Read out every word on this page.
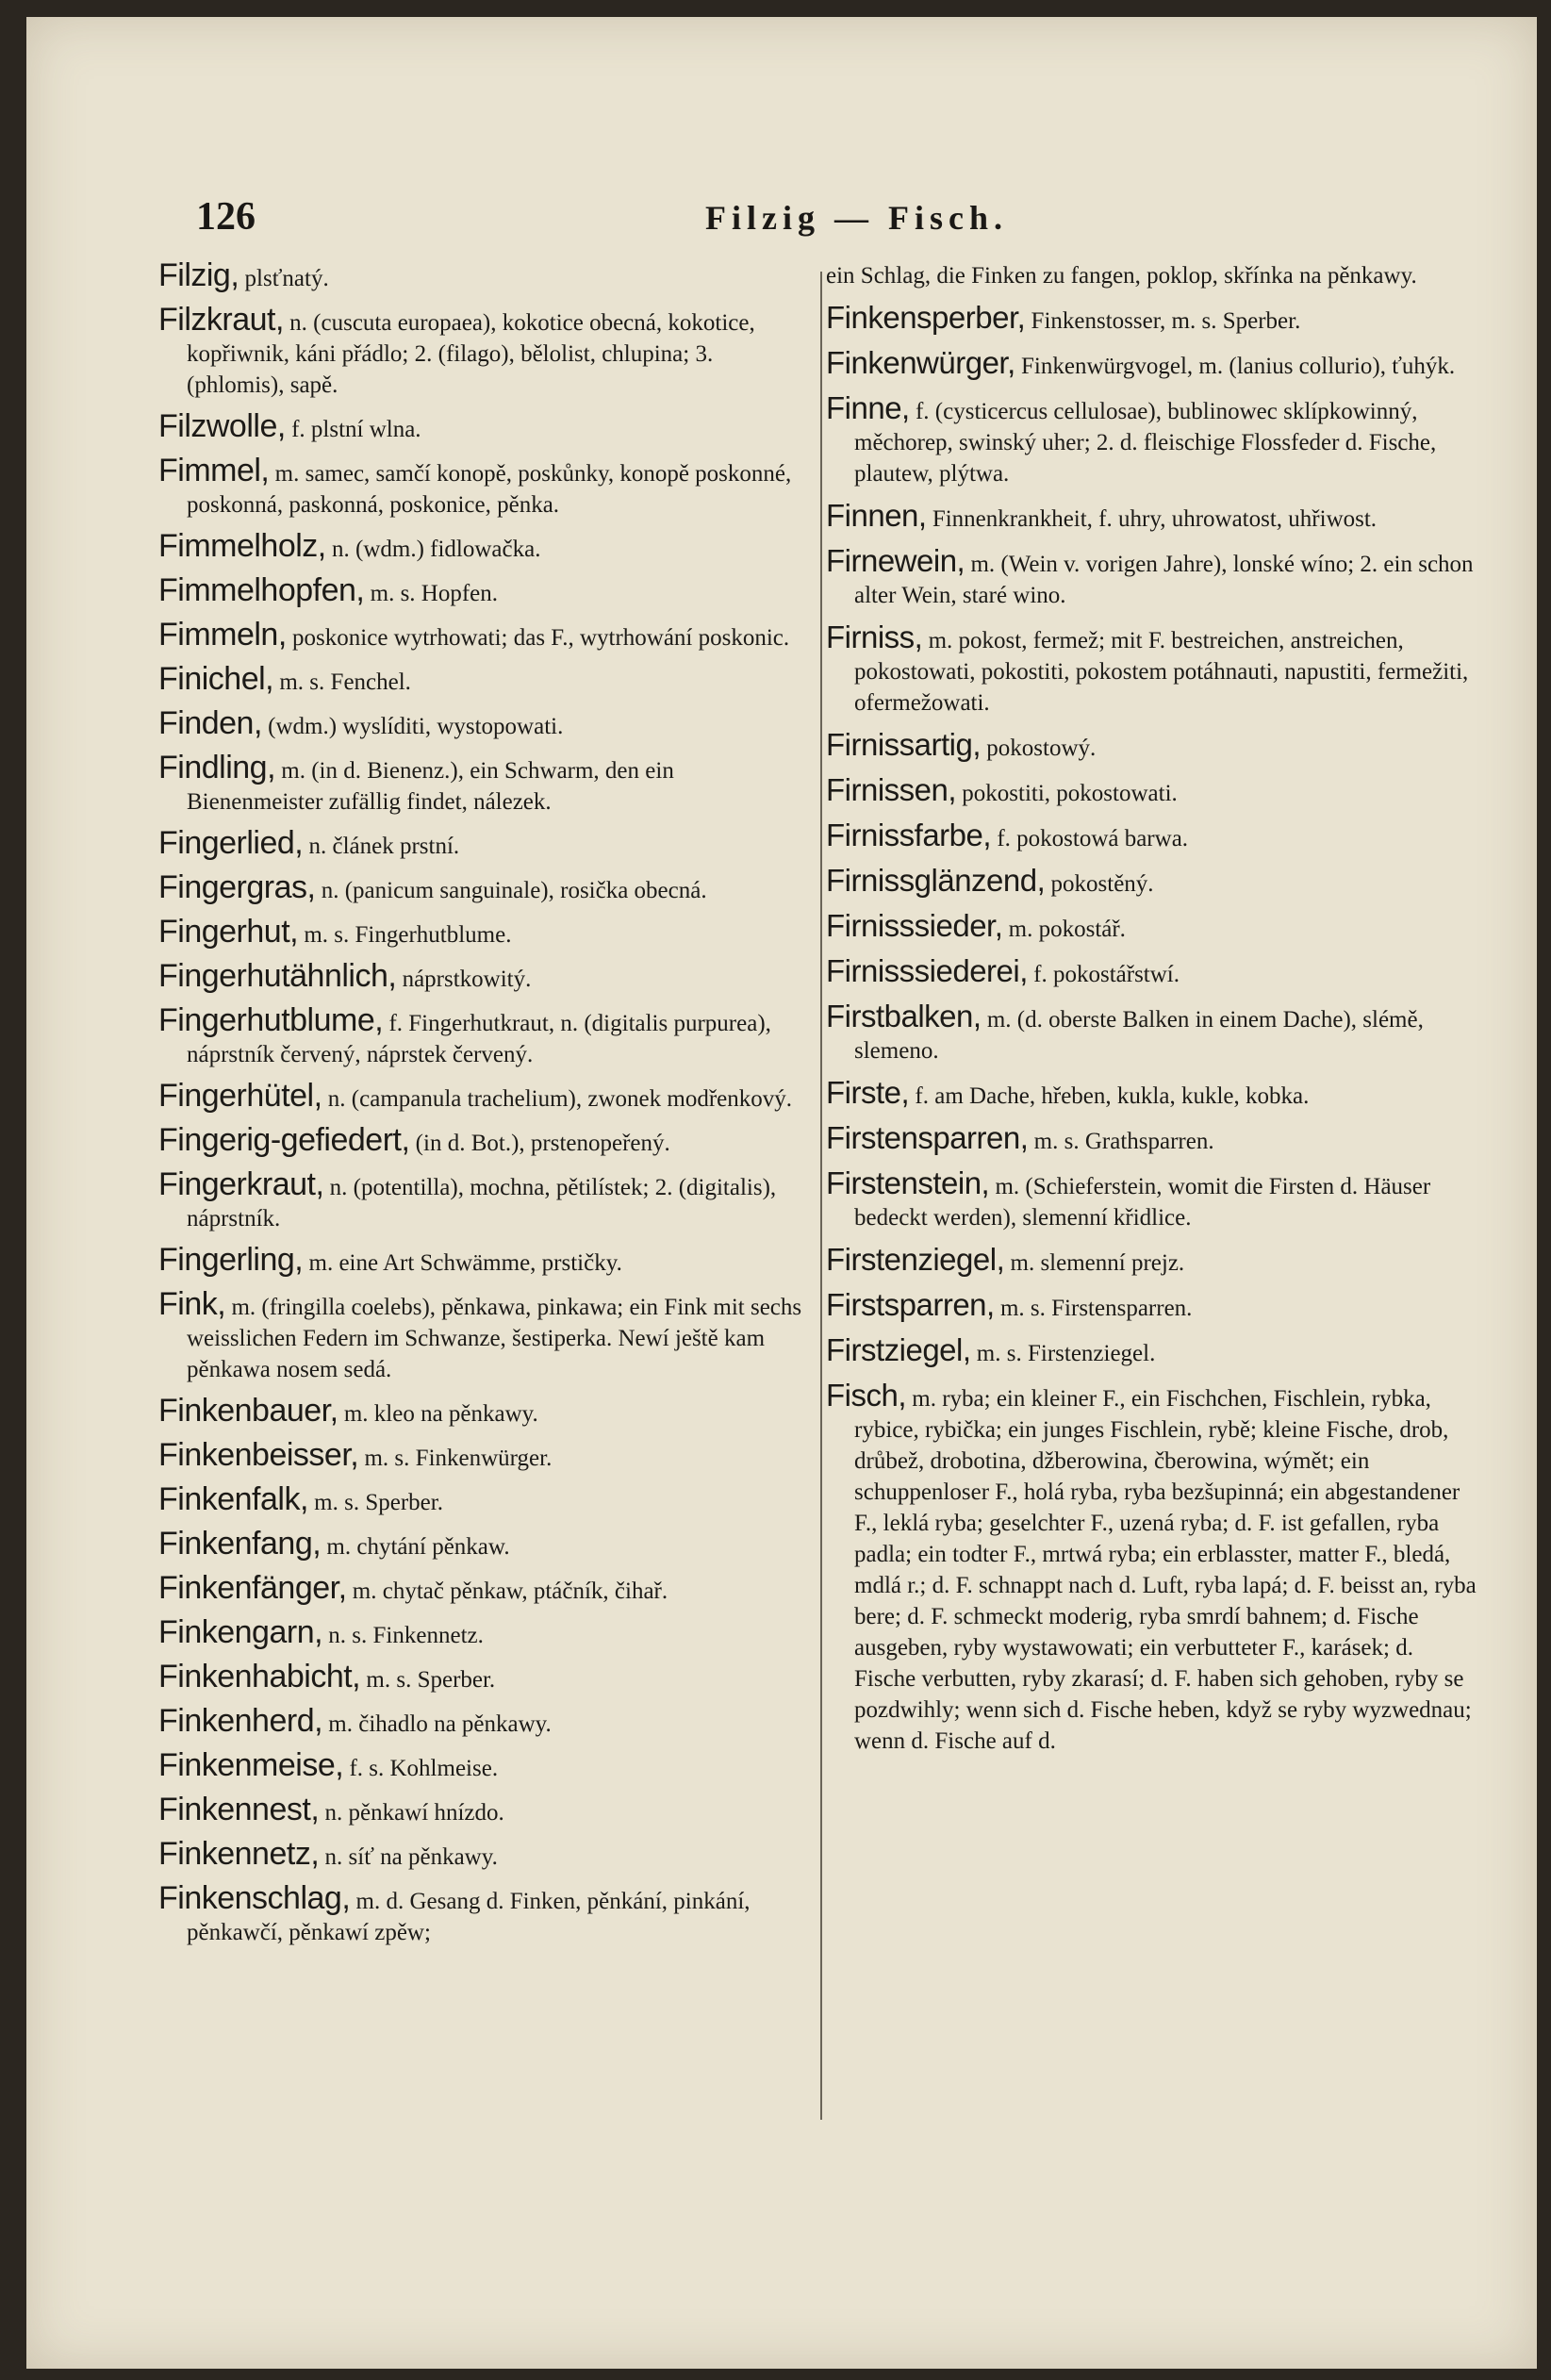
126	Filzig — Fisch.

Filzig, plsťnatý.

Filzkraut, n. (cuscuta europaea), kokotice obecná, kokotice, kopřiwnik, káni přádlo; 2. (filago), bělolist, chlupina; 3. (phlomis), sapě.

Filzwolle, f. plstní wlna.

Fimmel, m. samec, samčí konopě, poskůnky, konopě poskonné, poskonná, paskonná, poskonice, pěnka.

Fimmelholz, n. (wdm.) fidlowačka.

Fimmelhopfen, m. s. Hopfen.

Fimmeln, poskonice wytrhowati; das F., wytrhowání poskonic.

Finichel, m. s. Fenchel.

Finden, (wdm.) wyslíditi, wystopowati.

Findling, m. (in d. Bienenz.), ein Schwarm, den ein Bienenmeister zufällig findet, nálezek.

Fingerlied, n. článek prstní.

Fingergras, n. (panicum sanguinale), rosička obecná.

Fingerhut, m. s. Fingerhutblume.

Fingerhutähnlich, náprstkowitý.

Fingerhutblume, f. Fingerhutkraut, n. (digitalis purpurea), náprstník červený, náprstek červený.

Fingerhütel, n. (campanula trachelium), zwonek modřenkový.

Fingerig-gefiedert, (in d. Bot.), prstenopeřený.

Fingerkraut, n. (potentilla), mochna, pětilístek; 2. (digitalis), náprstník.

Fingerling, m. eine Art Schwämme, prstičky.

Fink, m. (fringilla coelebs), pěnkawa, pinkawa; ein Fink mit sechs weisslichen Federn im Schwanze, šestiperka. Newí ještě kam pěnkawa nosem sedá.

Finkenbauer, m. kleo na pěnkawy.

Finkenbeisser, m. s. Finkenwürger.

Finkenfalk, m. s. Sperber.

Finkenfang, m. chytání pěnkaw.

Finkenfänger, m. chytač pěnkaw, ptáčník, čihař.

Finkengarn, n. s. Finkennetz.

Finkenhabicht, m. s. Sperber.

Finkenherd, m. čihadlo na pěnkawy.

Finkenmeise, f. s. Kohlmeise.

Finkennest, n. pěnkawí hnízdo.

Finkennetz, n. síť na pěnkawy.

Finkenschlag, m. d. Gesang d. Finken, pěnkání, pinkání, pěnkawčí, pěnkawí zpěw;

ein Schlag, die Finken zu fangen, poklop, skřínka na pěnkawy.

Finkensperber, Finkenstosser, m. s. Sperber.

Finkenwürger, Finkenwürgvogel, m. (lanius collurio), ťuhýk.

Finne, f. (cysticercus cellulosae), bublinowec sklípkowinný, měchorep, swinský uher; 2. d. fleischige Flossfeder d. Fische, plautew, plýtwa.

Finnen, Finnenkrankheit, f. uhry, uhrowatost, uhřiwost.

Firnewein, m. (Wein v. vorigen Jahre), lonské wíno; 2. ein schon alter Wein, staré wino.

Firniss, m. pokost, fermež; mit F. bestreichen, anstreichen, pokostowati, pokostiti, pokostem potáhnauti, napustiti, fermežiti, ofermežowati.

Firnissartig, pokostowý.

Firnissen, pokostiti, pokostowati.

Firnissfarbe, f. pokostowá barwa.

Firnissglänzend, pokostěný.

Firnisssieder, m. pokostář.

Firnisssiederei, f. pokostářstwí.

Firstbalken, m. (d. oberste Balken in einem Dache), slémě, slemeno.

Firste, f. am Dache, hřeben, kukla, kukle, kobka.

Firstensparren, m. s. Grathsparren.

Firstenstein, m. (Schieferstein, womit die Firsten d. Häuser bedeckt werden), slemenní křidlice.

Firstenziegel, m. slemenní prejz.

Firstsparren, m. s. Firstensparren.

Firstziegel, m. s. Firstenziegel.

Fisch, m. ryba; ein kleiner F., ein Fischchen, Fischlein, rybka, rybice, rybička; ein junges Fischlein, rybě; kleine Fische, drob, drůbež, drobotina, džberowina, čberowina, wýmět; ein schuppenloser F., holá ryba, ryba bezšupinná; ein abgestandener F., leklá ryba; geselchter F., uzená ryba; d. F. ist gefallen, ryba padla; ein todter F., mrtwá ryba; ein erblasster, matter F., bledá, mdlá r.; d. F. schnappt nach d. Luft, ryba lapá; d. F. beisst an, ryba bere; d. F. schmeckt moderig, ryba smrdí bahnem; d. Fische ausgeben, ryby wystawowati; ein verbutteter F., karásek; d. Fische verbutten, ryby zkarasí; d. F. haben sich gehoben, ryby se pozdwihly; wenn sich d. Fische heben, když se ryby wyzwednau; wenn d. Fische auf d.
